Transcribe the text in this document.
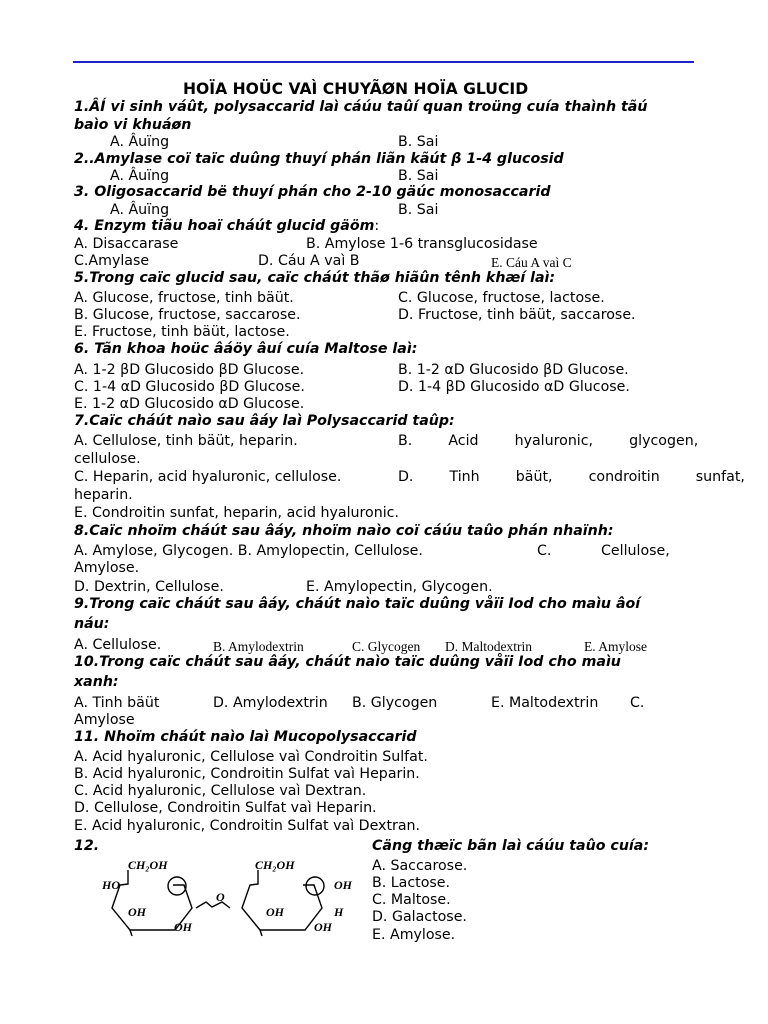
HOÏA HOÜC VAÌ CHUYÃØN HOÏA GLUCID
1.ÂÍ vi sinh váût, polysaccarid laì cáúu taûí quan troüng cuía thaình tãú
baìo vi khuáøn
A. Âuïng	B. Sai
2..Amylase coï taïc duûng thuyí phán liãn kãút β 1-4 glucosid
A. Âuïng	B. Sai
3. Oligosaccarid bë thuyí phán cho 2-10 gäúc monosaccarid
A. Âuïng	B. Sai
4. Enzym tiãu hoaï cháút glucid gäöm:
A. Disaccarase	B. Amylose 1-6 transglucosidase
C.Amylase	D. Cáu A vaì B	E. Cáu A vaì C
5.Trong caïc glucid sau, caïc cháút thãø hiãûn tênh khæí laì:
A. Glucose, fructose, tinh bäüt.	C. Glucose, fructose, lactose.
B. Glucose, fructose, saccarose.	D. Fructose, tinh bäüt, saccarose.
E. Fructose, tinh bäüt, lactose.
6. Tãn khoa hoüc âáöy âuí cuía Maltose laì:
A. 1-2 βD Glucosido βD Glucose.	B. 1-2 αD Glucosido βD Glucose.
C. 1-4 αD Glucosido βD Glucose.	D. 1-4 βD Glucosido αD Glucose.
E. 1-2 αD Glucosido αD Glucose.
7.Caïc cháút naìo sau âáy laì Polysaccarid taûp:
A. Cellulose, tinh bäüt, heparin.	B.        Acid        hyaluronic,        glycogen,
cellulose.
C. Heparin, acid hyaluronic, cellulose.	D.        Tinh        bäüt,        condroitin        sunfat,
heparin.
E. Condroitin sunfat, heparin, acid hyaluronic.
8.Caïc nhoïm cháút sau âáy, nhoïm naìo coï cáúu taûo phán nhaïnh:
A. Amylose, Glycogen. B. Amylopectin, Cellulose.	C.           Cellulose,
Amylose.
D. Dextrin, Cellulose.	E. Amylopectin, Glycogen.
9.Trong caïc cháút sau âáy, cháút naìo taïc duûng våïi Iod cho maìu âoí
náu:
A. Cellulose.	B. Amylodextrin	C. Glycogen D. Maltodextrin	E. Amylose
10.Trong caïc cháút sau âáy, cháút naìo taïc duûng våïi Iod cho maìu
xanh:
A. Tinh bäüt	D. Amylodextrin B. Glycogen	E. Maltodextrin C.
Amylose
11. Nhoïm cháút naìo laì Mucopolysaccarid
A. Acid hyaluronic, Cellulose vaì Condroitin Sulfat.
B. Acid hyaluronic, Condroitin Sulfat vaì Heparin.
C. Acid hyaluronic, Cellulose vaì Dextran.
D. Cellulose, Condroitin Sulfat vaì Heparin.
E. Acid hyaluronic, Condroitin Sulfat vaì Dextran.
12.	Cäng thæïc bãn laì cáúu taûo cuía:
A. Saccarose.
B. Lactose.
C. Maltose.
D. Galactose.
E. Amylose.
CH₂OH	CH₂OH
HO	OH
O
OH	OH	H
OH	OH
